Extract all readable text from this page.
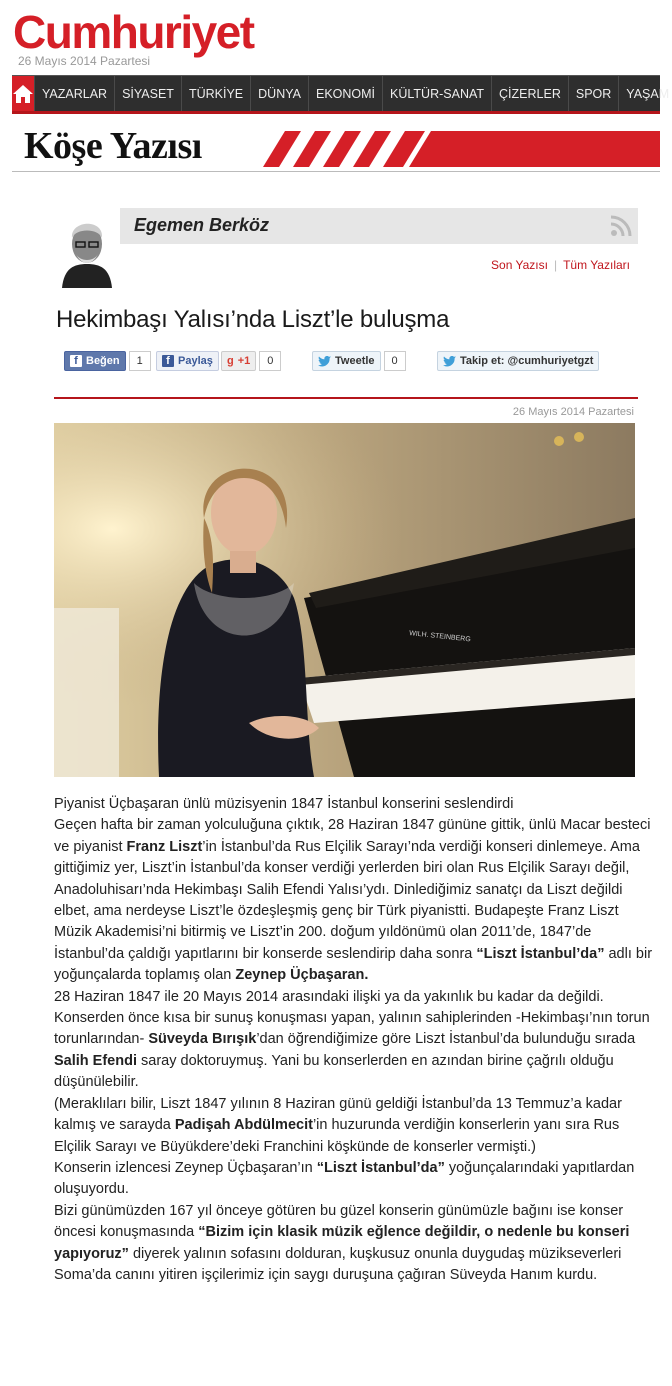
Cumhuriyet
26 Mayıs 2014 Pazartesi
YAZARLAR	SİYASET	TÜRKİYE	DÜNYA	EKONOMİ	KÜLTÜR-SANAT	ÇİZERLER	SPOR	YAŞAM
Köşe Yazısı
Egemen Berköz
Son Yazısı | Tüm Yazıları
Hekimbaşı Yalısı’nda Liszt’le buluşma
f Beğen	1	f Paylaş g +1	0	Tweetle	0	Takip et: @cumhuriyetgzt
26 Mayıs 2014 Pazartesi
WILH. STEINBERG

Piyanist Üçbaşaran ünlü müzisyenin 1847 İstanbul konserini seslendirdi

Geçen hafta bir zaman yolculuğuna çıktık, 28 Haziran 1847 gününe gittik, ünlü Macar besteci ve piyanist Franz Liszt’in İstanbul’da Rus Elçilik Sarayı’nda verdiği konseri dinlemeye. Ama gittiğimiz yer, Liszt’in İstanbul’da konser verdiği yerlerden biri olan Rus Elçilik Sarayı değil, Anadoluhisarı’nda Hekimbaşı Salih Efendi Yalısı’ydı. Dinlediğimiz sanatçı da Liszt değildi elbet, ama nerdeyse Liszt’le özdeşleşmiş genç bir Türk piyanistti. Budapeşte Franz Liszt Müzik Akademisi’ni bitirmiş ve Liszt’in 200. doğum yıldönümü olan 2011’de, 1847’de İstanbul’da çaldığı yapıtlarını bir konserde seslendirip daha sonra “Liszt İstanbul’da” adlı bir yoğunçalarda toplamış olan Zeynep Üçbaşaran.

28 Haziran 1847 ile 20 Mayıs 2014 arasındaki ilişki ya da yakınlık bu kadar da değildi. Konserden önce kısa bir sunuş konuşması yapan, yalının sahiplerinden -Hekimbaşı’nın torun torunlarından- Süveyda Bırışık’dan öğrendiğimize göre Liszt İstanbul’da bulunduğu sırada Salih Efendi saray doktoruymuş. Yani bu konserlerden en azından birine çağrılı olduğu düşünülebilir.

(Meraklıları bilir, Liszt 1847 yılının 8 Haziran günü geldiği İstanbul’da 13 Temmuz’a kadar kalmış ve sarayda Padişah Abdülmecit’in huzurunda verdiğin konserlerin yanı sıra Rus Elçilik Sarayı ve Büyükdere’deki Franchini köşkünde de konserler vermişti.)

Konserin izlencesi Zeynep Üçbaşaran’ın “Liszt İstanbul’da” yoğunçalarındaki yapıtlardan oluşuyordu.

Bizi günümüzden 167 yıl önceye götüren bu güzel konserin günümüzle bağını ise konser öncesi konuşmasında “Bizim için klasik müzik eğlence değildir, o nedenle bu konseri yapıyoruz” diyerek yalının sofasını dolduran, kuşkusuz onunla duygudaş müzikseverleri Soma’da canını yitiren işçilerimiz için saygı duruşuna çağıran Süveyda Hanım kurdu.
